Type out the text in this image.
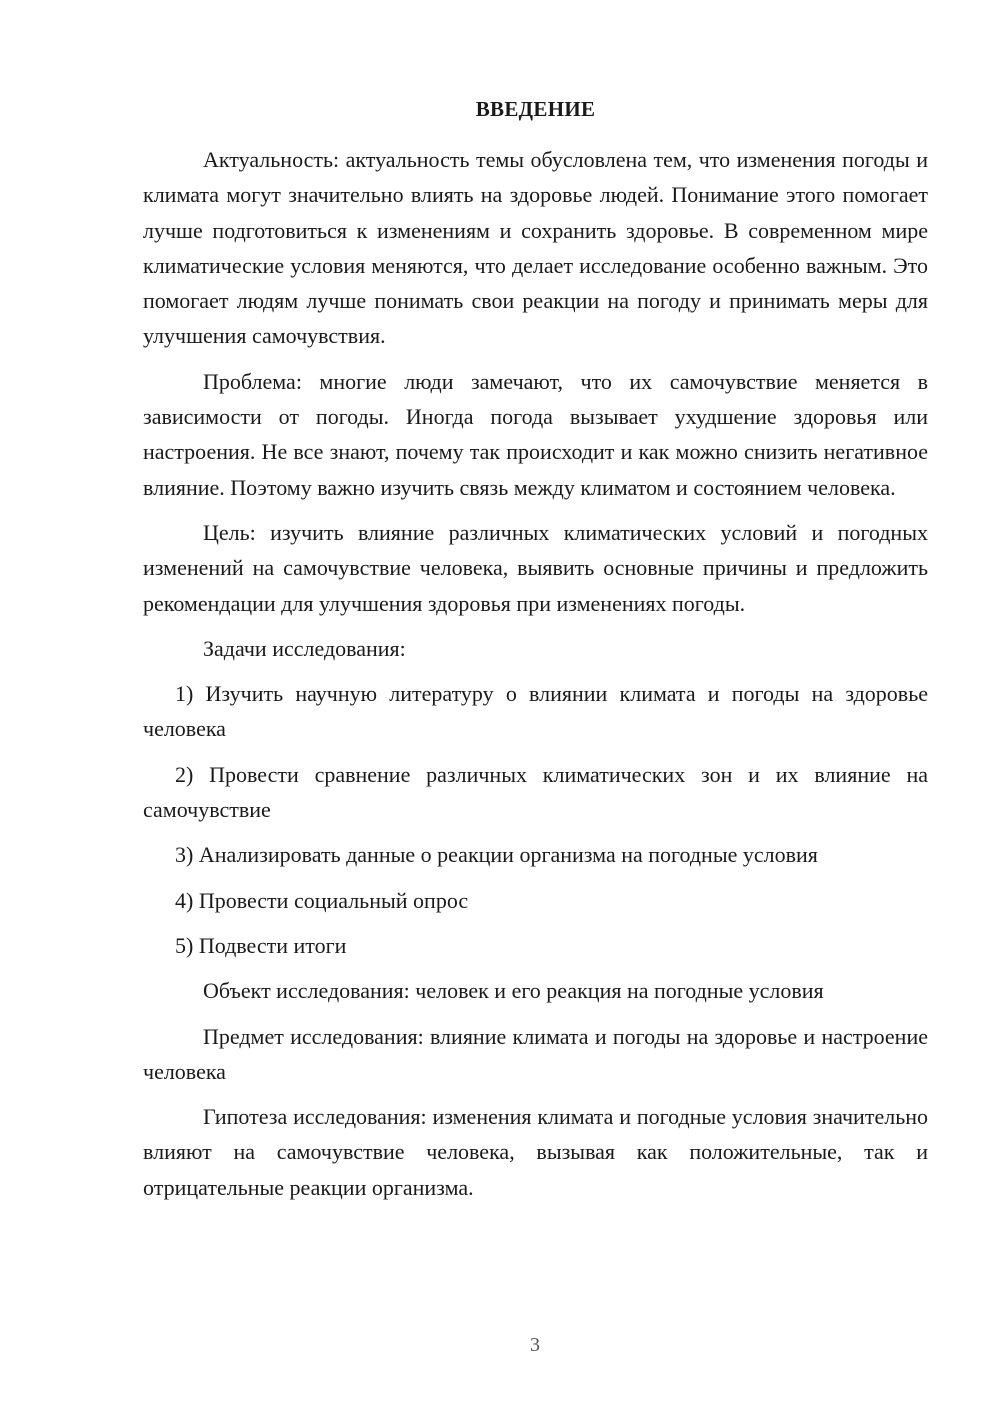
ВВЕДЕНИЕ

Актуальность: актуальность темы обусловлена тем, что изменения погоды и климата могут значительно влиять на здоровье людей. Понимание этого помогает лучше подготовиться к изменениям и сохранить здоровье. В современном мире климатические условия меняются, что делает исследование особенно важным. Это помогает людям лучше понимать свои реакции на погоду и принимать меры для улучшения самочувствия.

Проблема: многие люди замечают, что их самочувствие меняется в зависимости от погоды. Иногда погода вызывает ухудшение здоровья или настроения. Не все знают, почему так происходит и как можно снизить негативное влияние. Поэтому важно изучить связь между климатом и состоянием человека.

Цель: изучить влияние различных климатических условий и погодных изменений на самочувствие человека, выявить основные причины и предложить рекомендации для улучшения здоровья при изменениях погоды.

Задачи исследования:

1) Изучить научную литературу о влиянии климата и погоды на здоровье человека

2) Провести сравнение различных климатических зон и их влияние на самочувствие

3) Анализировать данные о реакции организма на погодные условия

4) Провести социальный опрос

5) Подвести итоги

Объект исследования: человек и его реакция на погодные условия

Предмет исследования: влияние климата и погоды на здоровье и настроение человека

Гипотеза исследования: изменения климата и погодные условия значительно влияют на самочувствие человека, вызывая как положительные, так и отрицательные реакции организма.

3
